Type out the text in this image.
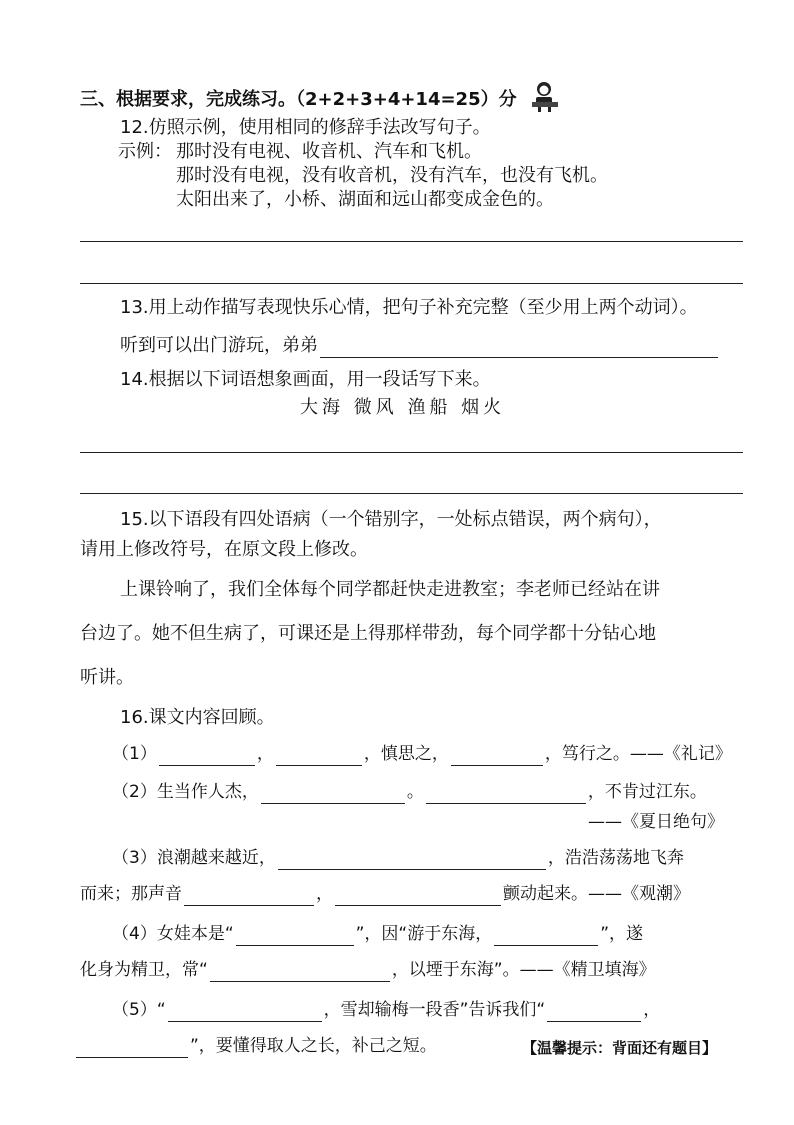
三、根据要求，完成练习。（2+2+3+4+14=25）分
12.仿照示例，使用相同的修辞手法改写句子。
示例： 那时没有电视、收音机、汽车和飞机。
那时没有电视，没有收音机，没有汽车，也没有飞机。
太阳出来了，小桥、湖面和远山都变成金色的。
13.用上动作描写表现快乐心情，把句子补充完整（至少用上两个动词）。
听到可以出门游玩，弟弟
14.根据以下词语想象画面，用一段话写下来。
大海 微风 渔船 烟火
15.以下语段有四处语病（一个错别字，一处标点错误，两个病句），
请用上修改符号，在原文段上修改。
上课铃响了，我们全体每个同学都赶快走进教室；李老师已经站在讲
台边了。她不但生病了，可课还是上得那样带劲，每个同学都十分钻心地
听讲。
16.课文内容回顾。
（1）	，	，慎思之，	，笃行之。——《礼记》
（2）生当作人杰，	。	，不肯过江东。
——《夏日绝句》
（3）浪潮越来越近，	，浩浩荡荡地飞奔
而来；那声音	，	颤动起来。——《观潮》
（4）女娃本是“	”，因“游于东海，	”，遂
化身为精卫，常“	，以堙于东海”。——《精卫填海》
（5）“	，雪却输梅一段香”告诉我们“	，
”，要懂得取人之长，补己之短。	【温馨提示：背面还有题目】
